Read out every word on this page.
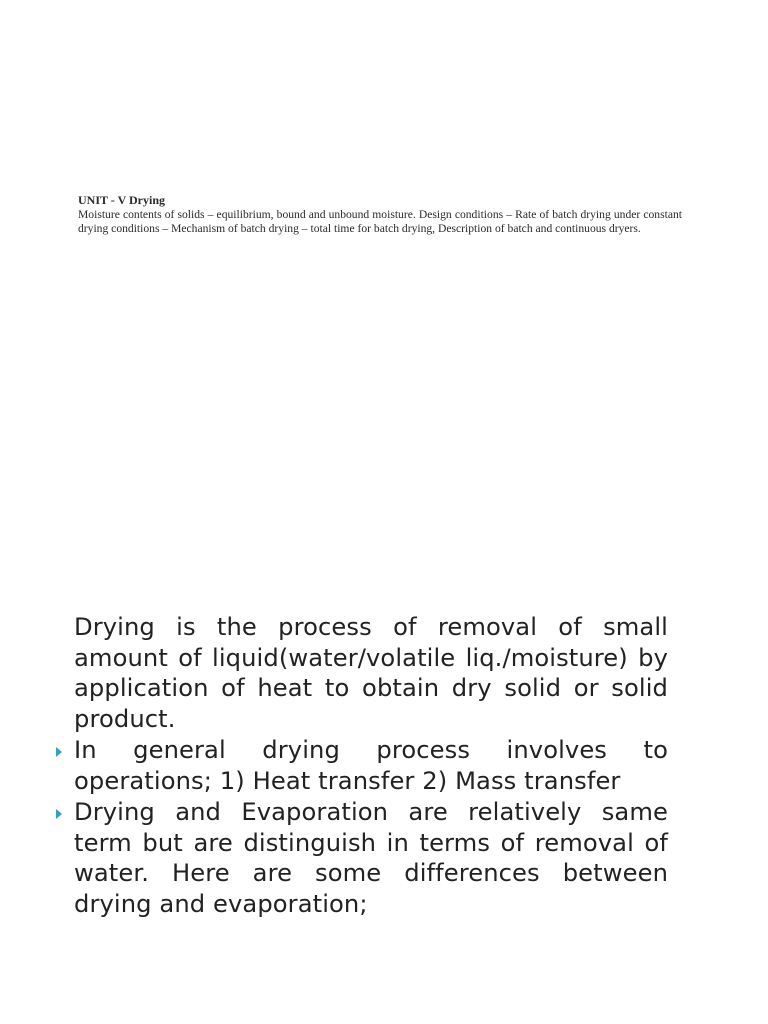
UNIT - V Drying
Moisture contents of solids – equilibrium, bound and unbound moisture. Design conditions – Rate of batch drying under constant drying conditions – Mechanism of batch drying – total time for batch drying, Description of batch and continuous dryers.

Drying is the process of removal of small amount of liquid(water/volatile liq./moisture) by application of heat to obtain dry solid or solid product.

In general drying process involves to operations; 1) Heat transfer 2) Mass transfer

Drying and Evaporation are relatively same term but are distinguish in terms of removal of water. Here are some differences between drying and evaporation;
